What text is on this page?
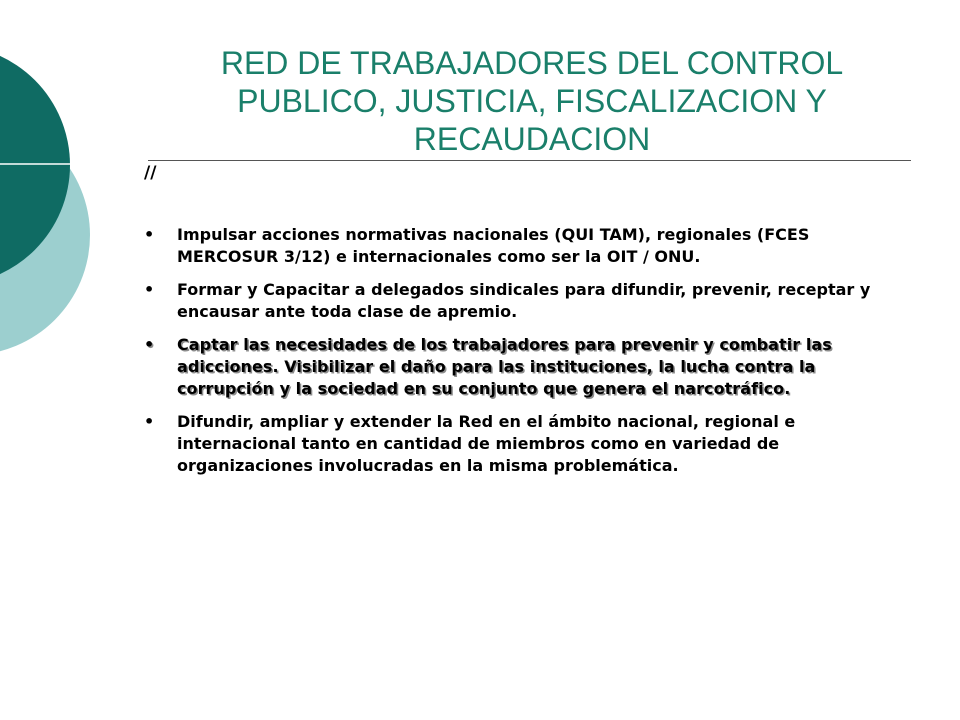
RED DE TRABAJADORES DEL CONTROL
PUBLICO, JUSTICIA, FISCALIZACION Y
RECAUDACION
//
• Impulsar acciones normativas nacionales (QUI TAM), regionales (FCES MERCOSUR 3/12) e internacionales como ser la OIT / ONU.
• Formar y Capacitar a delegados sindicales para difundir, prevenir, receptar y encausar ante toda clase de apremio.
• Captar las necesidades de los trabajadores para prevenir y combatir las adicciones. Visibilizar el daño para las instituciones, la lucha contra la corrupción y la sociedad en su conjunto que genera el narcotráfico.
• Difundir, ampliar y extender la Red en el ámbito nacional, regional e internacional tanto en cantidad de miembros como en variedad de organizaciones involucradas en la misma problemática.
